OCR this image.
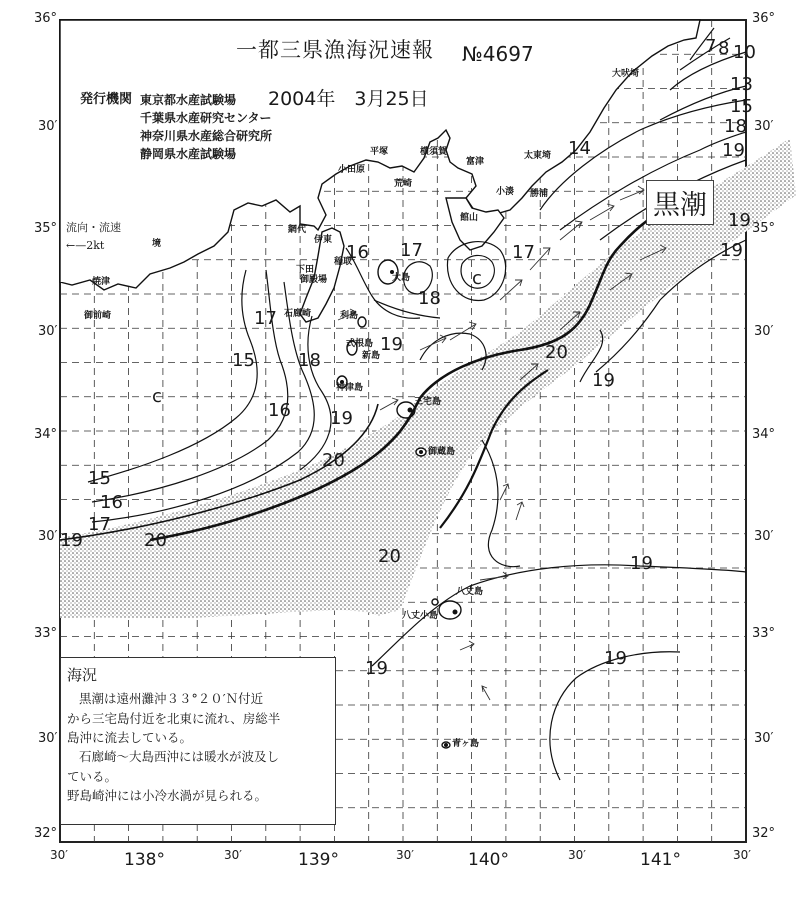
36°
30′
35°
30′
34°
30′
33°
30′
32°
36°
30′
35°
30′
34°
30′
33°
30′
32°
30′	138°	30′	139°	30′	140°	30′	141°	30′
一都三県漁海況速報 №4697
発行機関 東京都水産試験場
千葉県水産研究センター
神奈川県水産総合研究所
静岡県水産試験場
2004年　3月25日
流向・流速
←—2kt
黒潮
7 8 10
13
15
18
19
14
19
19
16 17
17
18
17
15 18
19	20
19
16 19
20
15
16
17
19	20
20	19
19	19
c
c
大吠埼
平塚	横須賀
富津
太東埼
小田原
荒崎
館山
小湊 勝浦
境
網代
伊東
下田
稲取
御前崎
焼津	御殿場
石廊崎	利島
式根島
新島
神津島
三宅島
御蔵島
八丈島
八丈小島
大島
青ヶ島
海況
黒潮は遠州灘沖３３°２０′Ｎ付近
から三宅島付近を北東に流れ、房総半
島沖に流去している。
石廊崎～大島西沖には暖水が波及し
ている。
野島崎沖には小冷水渦が見られる。
